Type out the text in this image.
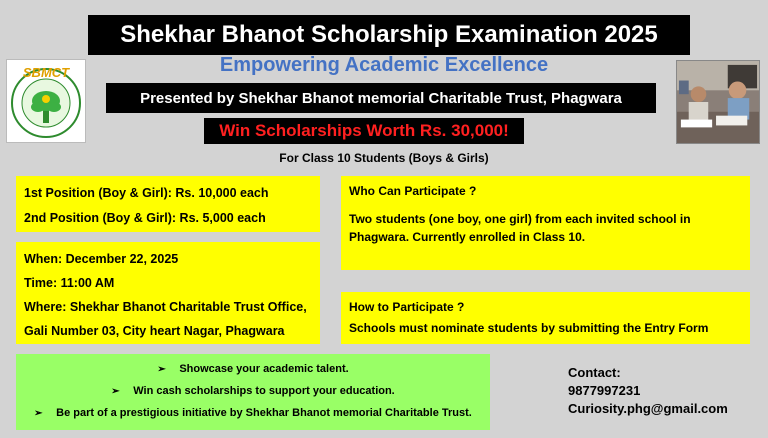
Shekhar Bhanot Scholarship Examination 2025
Empowering Academic Excellence
SBMCT
Presented by Shekhar Bhanot memorial Charitable Trust, Phagwara
Win Scholarships Worth Rs. 30,000!
For Class 10 Students (Boys & Girls)
1st Position (Boy & Girl): Rs. 10,000 each
2nd Position (Boy & Girl): Rs. 5,000 each
When: December 22, 2025
Time: 11:00 AM
Where: Shekhar Bhanot Charitable Trust Office,
Gali Number 03, City heart Nagar, Phagwara
Who Can Participate ?
Two students (one boy, one girl) from each invited school in Phagwara. Currently enrolled in Class 10.
How to Participate ?
Schools must nominate students by submitting the Entry Form
➢	Showcase your academic talent.
➢	Win cash scholarships to support your education.
➢	Be part of a prestigious initiative by Shekhar Bhanot memorial Charitable Trust.
Contact:
9877997231
Curiosity.phg@gmail.com
